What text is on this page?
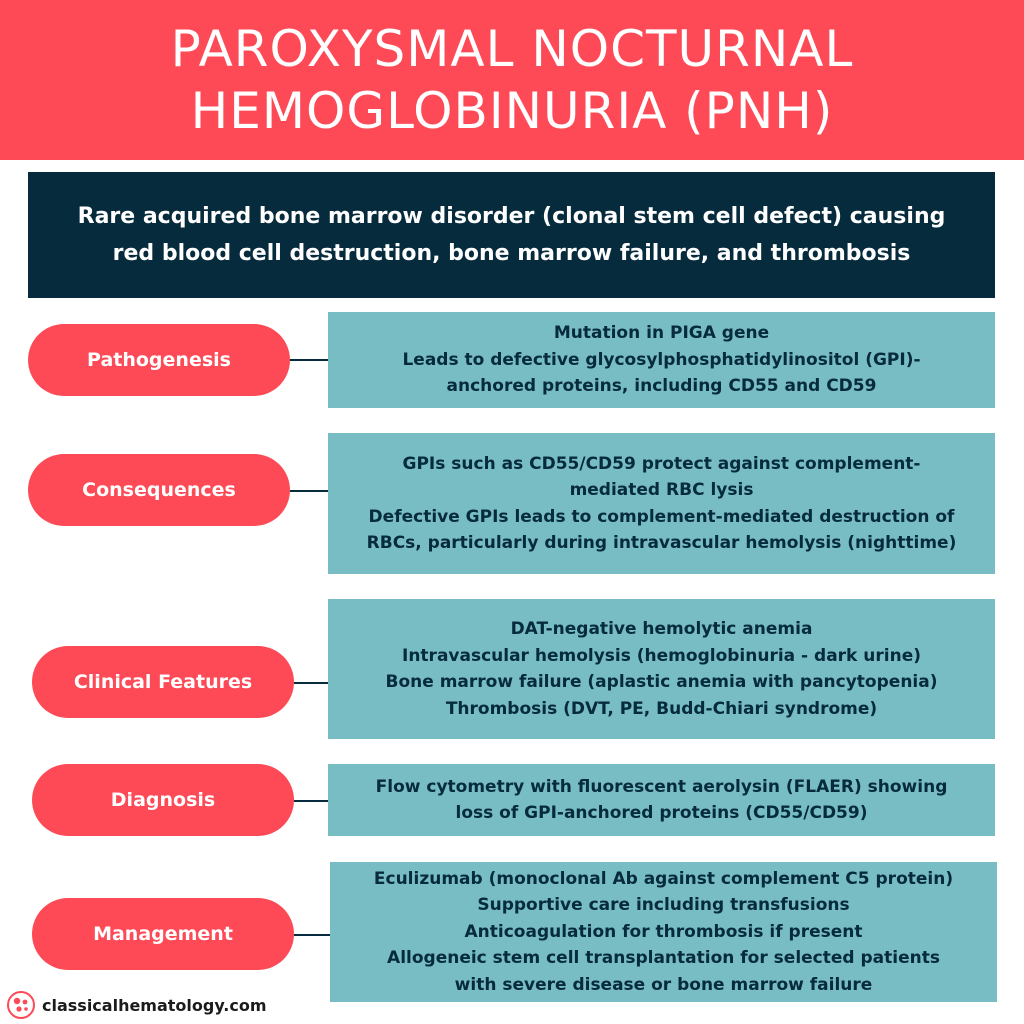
PAROXYSMAL NOCTURNAL
HEMOGLOBINURIA (PNH)
Rare acquired bone marrow disorder (clonal stem cell defect) causing red blood cell destruction, bone marrow failure, and thrombosis
Pathogenesis
Mutation in PIGA gene
Leads to defective glycosylphosphatidylinositol (GPI)-
anchored proteins, including CD55 and CD59
Consequences
GPIs such as CD55/CD59 protect against complement-
mediated RBC lysis
Defective GPIs leads to complement-mediated destruction of
RBCs, particularly during intravascular hemolysis (nighttime)
Clinical Features
DAT-negative hemolytic anemia
Intravascular hemolysis (hemoglobinuria - dark urine)
Bone marrow failure (aplastic anemia with pancytopenia)
Thrombosis (DVT, PE, Budd-Chiari syndrome)
Diagnosis
Flow cytometry with fluorescent aerolysin (FLAER) showing
loss of GPI-anchored proteins (CD55/CD59)
Management
Eculizumab (monoclonal Ab against complement C5 protein)
Supportive care including transfusions
Anticoagulation for thrombosis if present
Allogeneic stem cell transplantation for selected patients
with severe disease or bone marrow failure
classicalhematology.com
